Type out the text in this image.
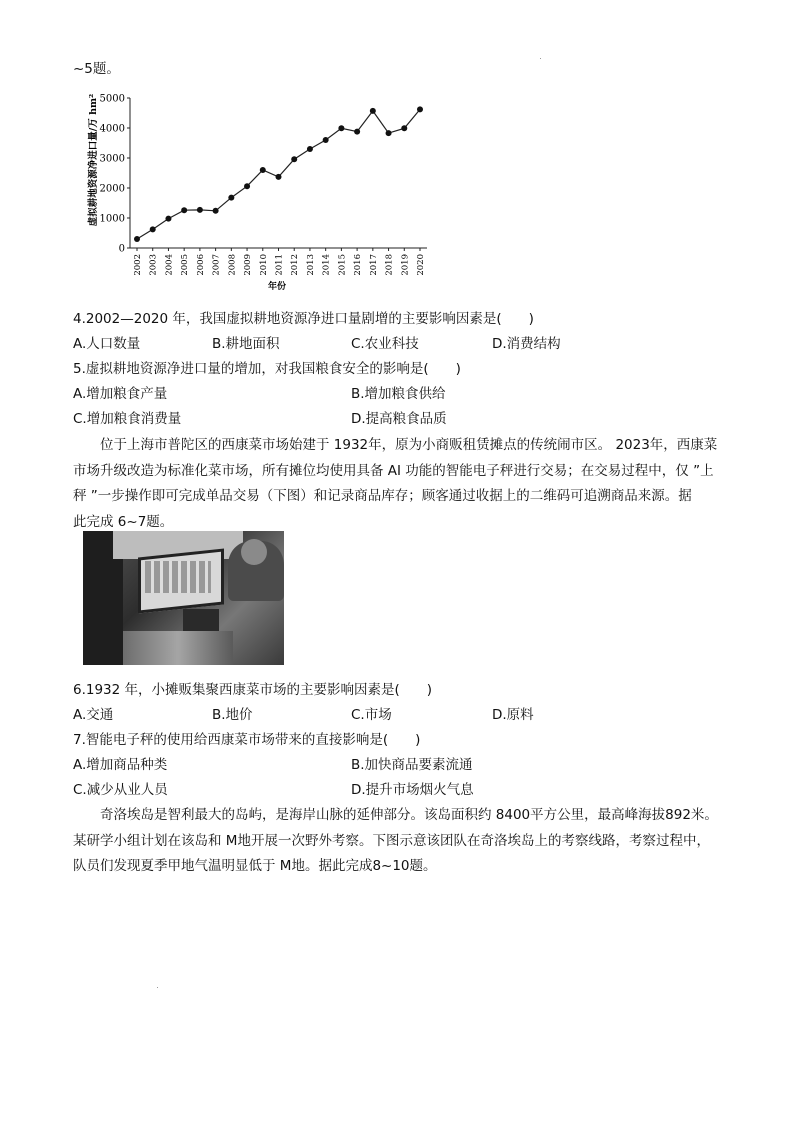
~5题。
0
1000
2000
3000
4000
5000
2002 2003 2004 2005 2006 2007 2008 2009 2010 2011 2012 2013 2014 2015 2016 2017 2018 2019 2020
虚拟耕地资源净进口量/万 hm²
年份
4.2002—2020 年，我国虚拟耕地资源净进口量剧增的主要影响因素是(　　)
A.人口数量	B.耕地面积	C.农业科技	D.消费结构
5.虚拟耕地资源净进口量的增加，对我国粮食安全的影响是(　　)
A.增加粮食产量	B.增加粮食供给
C.增加粮食消费量	D.提高粮食品质
位于上海市普陀区的西康菜市场始建于 1932年，原为小商贩租赁摊点的传统闹市区。 2023年，西康菜
市场升级改造为标准化菜市场，所有摊位均使用具备 AI 功能的智能电子秤进行交易；在交易过程中，仅 ”上
秤 ”一步操作即可完成单品交易（下图）和记录商品库存；顾客通过收据上的二维码可追溯商品来源。据
此完成 6~7题。
6.1932 年，小摊贩集聚西康菜市场的主要影响因素是(　　)
A.交通	B.地价	C.市场	D.原料
7.智能电子秤的使用给西康菜市场带来的直接影响是(　　)
A.增加商品种类	B.加快商品要素流通
C.减少从业人员	D.提升市场烟火气息
奇洛埃岛是智利最大的岛屿，是海岸山脉的延伸部分。该岛面积约 8400平方公里，最高峰海拔892米。
某研学小组计划在该岛和 M地开展一次野外考察。下图示意该团队在奇洛埃岛上的考察线路，考察过程中，
队员们发现夏季甲地气温明显低于 M地。据此完成8~10题。
